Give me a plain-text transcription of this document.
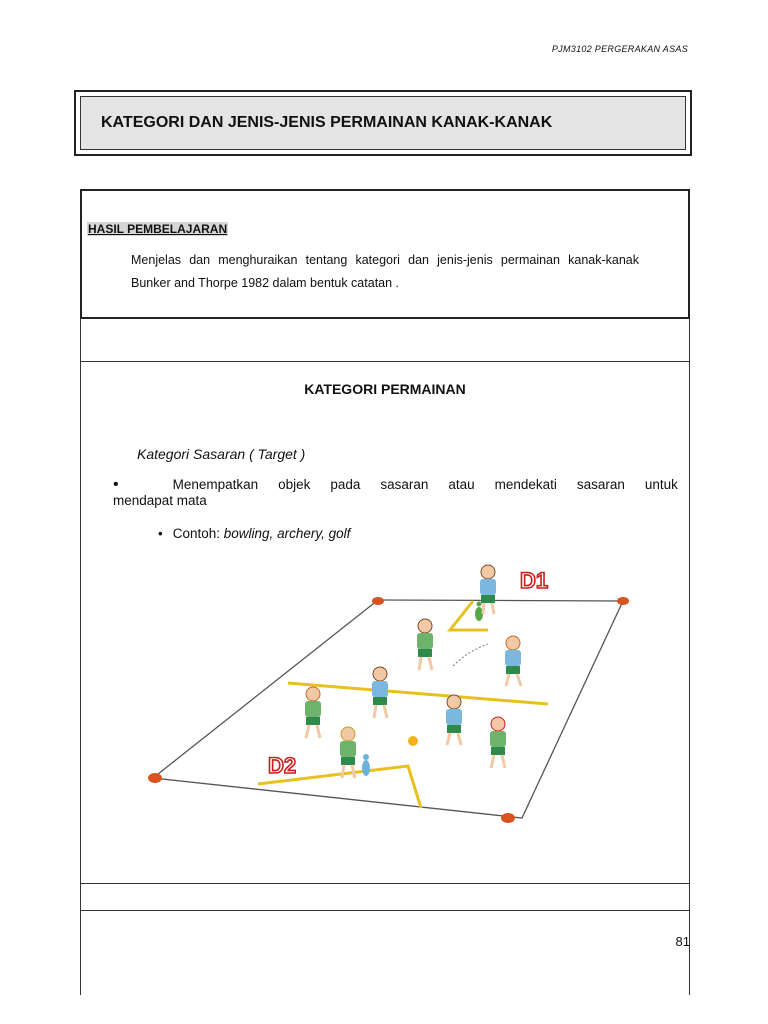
PJM3102 PERGERAKAN ASAS
KATEGORI DAN JENIS-JENIS PERMAINAN KANAK-KANAK
HASIL PEMBELAJARAN
Menjelas dan menghuraikan tentang kategori dan jenis-jenis permainan kanak-kanak Bunker and Thorpe 1982 dalam bentuk catatan .
KATEGORI PERMAINAN
Kategori Sasaran ( Target )
•	Menempatkan objek pada sasaran atau mendekati sasaran untuk
mendapat mata
• Contoh: bowling, archery, golf
D1
D2
81
